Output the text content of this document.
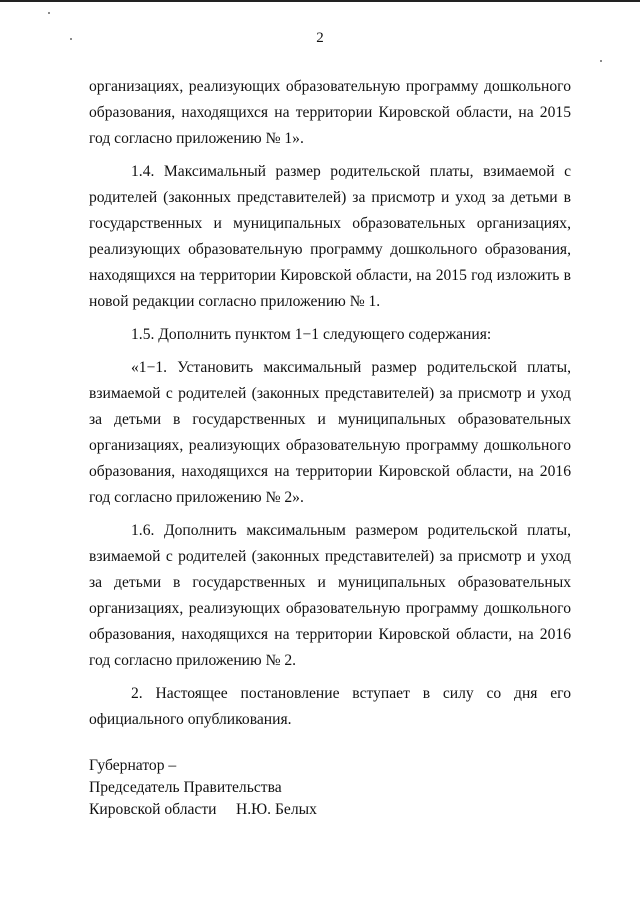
2

организациях, реализующих образовательную программу дошкольного образования, находящихся на территории Кировской области, на 2015 год согласно приложению № 1».

1.4. Максимальный размер родительской платы, взимаемой с родителей (законных представителей) за присмотр и уход за детьми в государственных и муниципальных образовательных организациях, реализующих образовательную программу дошкольного образования, находящихся на территории Кировской области, на 2015 год изложить в новой редакции согласно приложению № 1.

1.5. Дополнить пунктом 1−1 следующего содержания:

«1−1. Установить максимальный размер родительской платы, взимаемой с родителей (законных представителей) за присмотр и уход за детьми в государственных и муниципальных образовательных организациях, реализующих образовательную программу дошкольного образования, находящихся на территории Кировской области, на 2016 год согласно приложению № 2».

1.6. Дополнить максимальным размером родительской платы, взимаемой с родителей (законных представителей) за присмотр и уход за детьми в государственных и муниципальных образовательных организациях, реализующих образовательную программу дошкольного образования, находящихся на территории Кировской области, на 2016 год согласно приложению № 2.

2. Настоящее постановление вступает в силу со дня его официального опубликования.

Губернатор –
Председатель Правительства
Кировской области     Н.Ю. Белых
